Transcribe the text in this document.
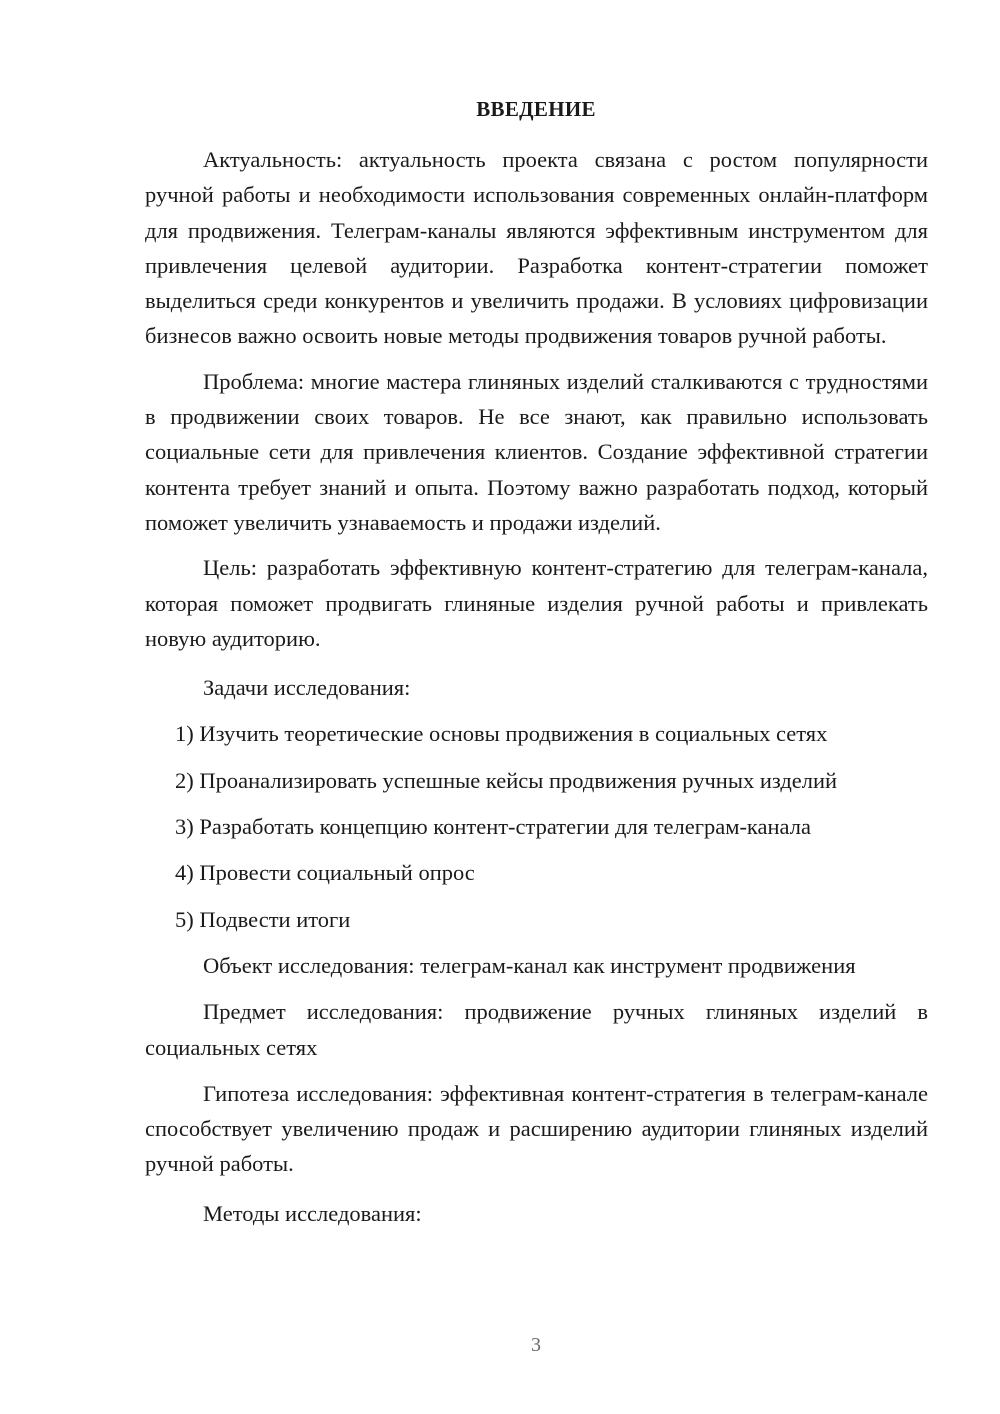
ВВЕДЕНИЕ

Актуальность: актуальность проекта связана с ростом популярности ручной работы и необходимости использования современных онлайн-платформ для продвижения. Телеграм-каналы являются эффективным инструментом для привлечения целевой аудитории. Разработка контент-стратегии поможет выделиться среди конкурентов и увеличить продажи. В условиях цифровизации бизнесов важно освоить новые методы продвижения товаров ручной работы.

Проблема: многие мастера глиняных изделий сталкиваются с трудностями в продвижении своих товаров. Не все знают, как правильно использовать социальные сети для привлечения клиентов. Создание эффективной стратегии контента требует знаний и опыта. Поэтому важно разработать подход, который поможет увеличить узнаваемость и продажи изделий.

Цель: разработать эффективную контент-стратегию для телеграм-канала, которая поможет продвигать глиняные изделия ручной работы и привлекать новую аудиторию.

Задачи исследования:

1) Изучить теоретические основы продвижения в социальных сетях

2) Проанализировать успешные кейсы продвижения ручных изделий

3) Разработать концепцию контент-стратегии для телеграм-канала

4) Провести социальный опрос

5) Подвести итоги

Объект исследования: телеграм-канал как инструмент продвижения

Предмет исследования: продвижение ручных глиняных изделий в социальных сетях

Гипотеза исследования: эффективная контент-стратегия в телеграм-канале способствует увеличению продаж и расширению аудитории глиняных изделий ручной работы.

Методы исследования:

3
